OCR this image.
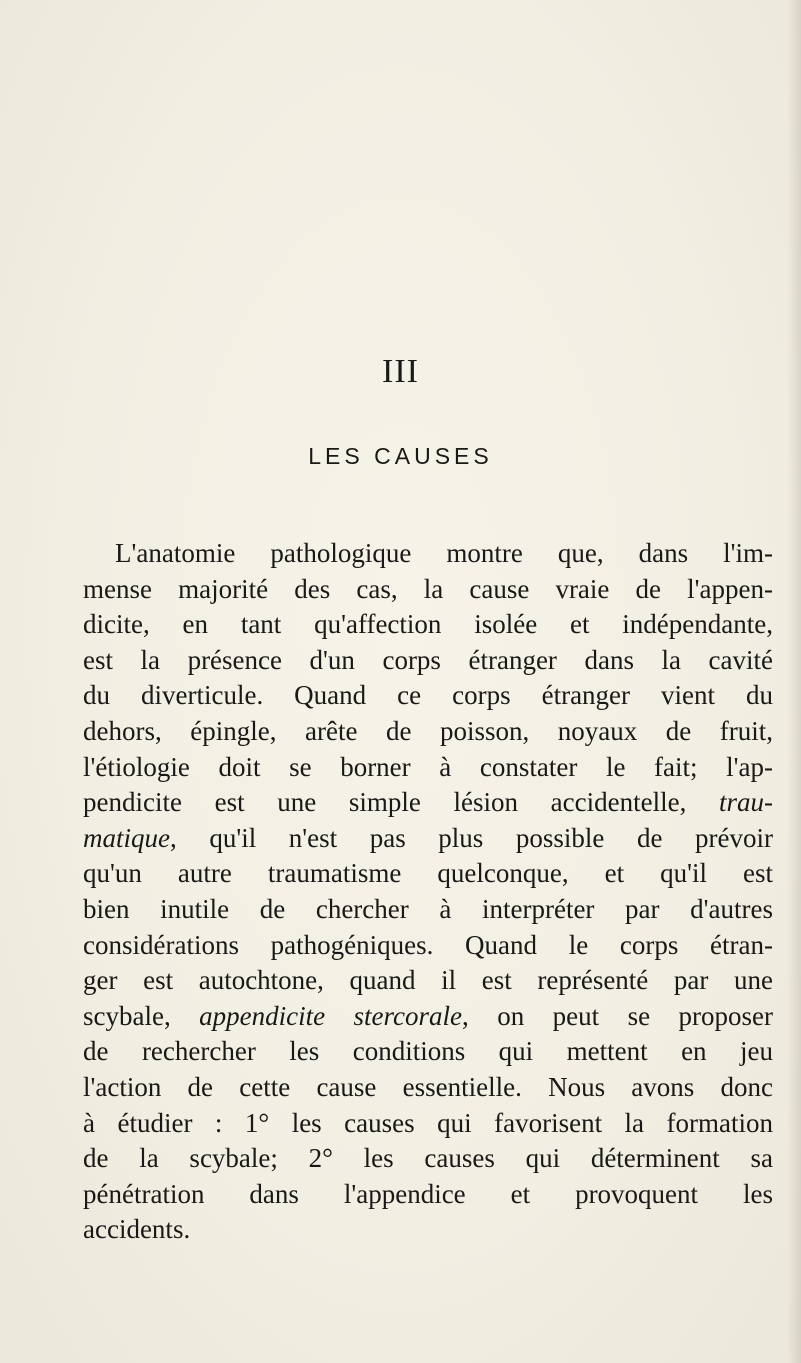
III
LES CAUSES
L'anatomie pathologique montre que, dans l'im-
mense majorité des cas, la cause vraie de l'appen-
dicite, en tant qu'affection isolée et indépendante,
est la présence d'un corps étranger dans la cavité
du diverticule. Quand ce corps étranger vient du
dehors, épingle, arête de poisson, noyaux de fruit,
l'étiologie doit se borner à constater le fait; l'ap-
pendicite est une simple lésion accidentelle, trau-
matique, qu'il n'est pas plus possible de prévoir
qu'un autre traumatisme quelconque, et qu'il est
bien inutile de chercher à interpréter par d'autres
considérations pathogéniques. Quand le corps étran-
ger est autochtone, quand il est représenté par une
scybale, appendicite stercorale, on peut se proposer
de rechercher les conditions qui mettent en jeu
l'action de cette cause essentielle. Nous avons donc
à étudier : 1° les causes qui favorisent la formation
de la scybale; 2° les causes qui déterminent sa
pénétration dans l'appendice et provoquent les
accidents.
